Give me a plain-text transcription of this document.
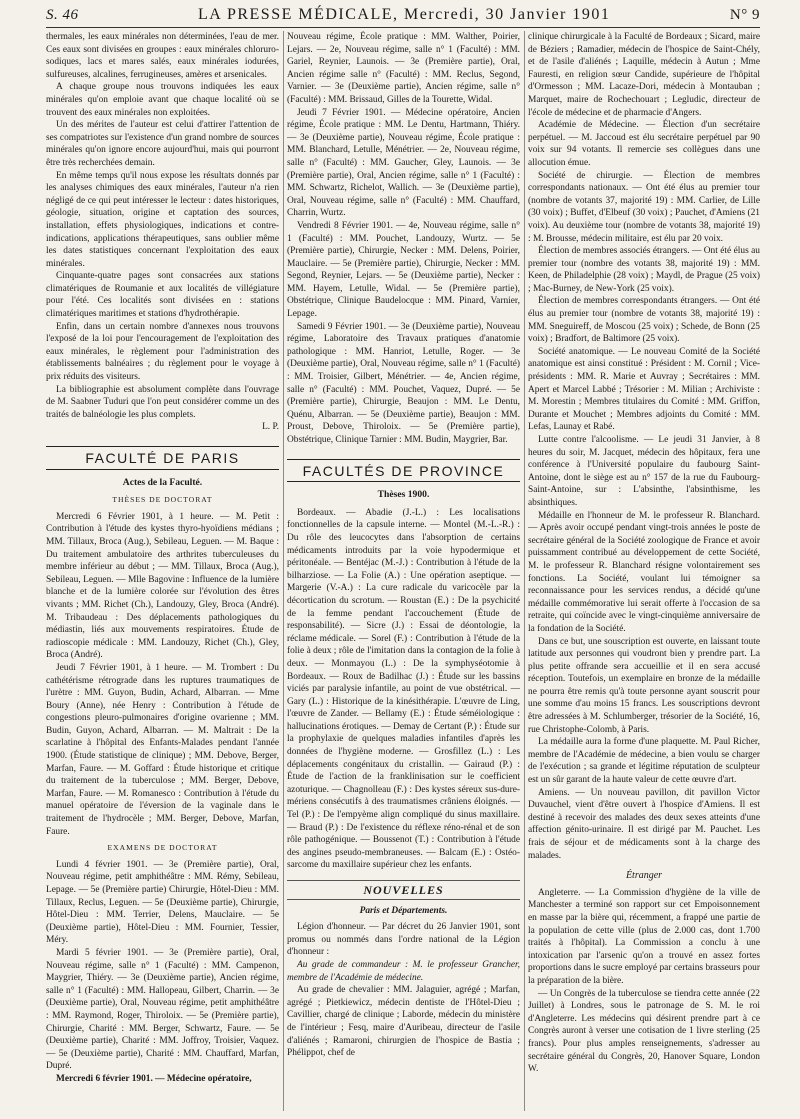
S. 46	LA PRESSE MÉDICALE, Mercredi, 30 Janvier 1901	N° 9

thermales, les eaux minérales non déterminées, l'eau de mer. Ces eaux sont divisées en groupes : eaux minérales chloruro-sodiques, lacs et mares salés, eaux minérales iodurées, sulfureuses, alcalines, ferrugineuses, amères et arsenicales.

A chaque groupe nous trouvons indiquées les eaux minérales qu'on emploie avant que chaque localité où se trouvent des eaux minérales non exploitées.

Un des mérites de l'auteur est celui d'attirer l'attention de ses compatriotes sur l'existence d'un grand nombre de sources minérales qu'on ignore encore aujourd'hui, mais qui pourront être très recherchées demain.

En même temps qu'il nous expose les résultats donnés par les analyses chimiques des eaux minérales, l'auteur n'a rien négligé de ce qui peut intéresser le lecteur : dates historiques, géologie, situation, origine et captation des sources, installation, effets physiologiques, indications et contre-indications, applications thérapeutiques, sans oublier même les dates statistiques concernant l'exploitation des eaux minérales.

Cinquante-quatre pages sont consacrées aux stations climatériques de Roumanie et aux localités de villégiature pour l'été. Ces localités sont divisées en : stations climatériques maritimes et stations d'hydrothérapie.

Enfin, dans un certain nombre d'annexes nous trouvons l'exposé de la loi pour l'encouragement de l'exploitation des eaux minérales, le règlement pour l'administration des établissements balnéaires ; du règlement pour le voyage à prix réduits des visiteurs.

La bibliographie est absolument complète dans l'ouvrage de M. Saabner Tuduri que l'on peut considérer comme un des traités de balnéologie les plus complets.

L. P.

FACULTÉ DE PARIS
Actes de la Faculté.
THÈSES DE DOCTORAT

Mercredi 6 Février 1901, à 1 heure. — M. Petit : Contribution à l'étude des kystes thyro-hyoïdiens médians ; MM. Tillaux, Broca (Aug.), Sebileau, Leguen. — M. Baque : Du traitement ambulatoire des arthrites tuberculeuses du membre inférieur au début ; — MM. Tillaux, Broca (Aug.), Sebileau, Leguen. — Mlle Bagovine : Influence de la lumière blanche et de la lumière colorée sur l'évolution des êtres vivants ; MM. Richet (Ch.), Landouzy, Gley, Broca (André). M. Tribaudeau : Des déplacements pathologiques du médiastin, liés aux mouvements respiratoires. Étude de radioscopie médicale : MM. Landouzy, Richet (Ch.), Gley, Broca (André).

Jeudi 7 Février 1901, à 1 heure. — M. Trombert : Du cathétérisme rétrograde dans les ruptures traumatiques de l'urètre : MM. Guyon, Budin, Achard, Albarran. — Mme Boury (Anne), née Henry : Contribution à l'étude de congestions pleuro-pulmonaires d'origine ovarienne ; MM. Budin, Guyon, Achard, Albarran. — M. Maltrait : De la scarlatine à l'hôpital des Enfants-Malades pendant l'année 1900. (Étude statistique de clinique) ; MM. Debove, Berger, Marfan, Faure. — M. Goffard : Étude historique et critique du traitement de la tuberculose ; MM. Berger, Debove, Marfan, Faure. — M. Romanesco : Contribution à l'étude du manuel opératoire de l'éversion de la vaginale dans le traitement de l'hydrocèle ; MM. Berger, Debove, Marfan, Faure.

EXAMENS DE DOCTORAT

Lundi 4 février 1901. — 3e (Première partie), Oral, Nouveau régime, petit amphithéâtre : MM. Rémy, Sebileau, Lepage. — 5e (Première partie) Chirurgie, Hôtel-Dieu : MM. Tillaux, Reclus, Leguen. — 5e (Deuxième partie), Chirurgie, Hôtel-Dieu : MM. Terrier, Delens, Mauclaire. — 5e (Deuxième partie), Hôtel-Dieu : MM. Fournier, Tessier, Méry.

Mardi 5 février 1901. — 3e (Première partie), Oral, Nouveau régime, salle n° 1 (Faculté) : MM. Campenon, Maygrier, Thiéry. — 3e (Deuxième partie), Ancien régime, salle n° 1 (Faculté) : MM. Hallopeau, Gilbert, Charrin. — 3e (Deuxième partie), Oral, Nouveau régime, petit amphithéâtre : MM. Raymond, Roger, Thiroloix. — 5e (Première partie), Chirurgie, Charité : MM. Berger, Schwartz, Faure. — 5e (Deuxième partie), Charité : MM. Joffroy, Troisier, Vaquez. — 5e (Deuxième partie), Charité : MM. Chauffard, Marfan, Dupré.

Mercredi 6 février 1901. — Médecine opératoire,

Nouveau régime, École pratique : MM. Walther, Poirier, Lejars. — 2e, Nouveau régime, salle n° 1 (Faculté) : MM. Gariel, Reynier, Launois. — 3e (Première partie), Oral, Ancien régime salle n° (Faculté) : MM. Reclus, Segond, Varnier. — 3e (Deuxième partie), Ancien régime, salle n° (Faculté) : MM. Brissaud, Gilles de la Tourette, Widal.

Jeudi 7 Février 1901. — Médecine opératoire, Ancien régime, École pratique : MM. Le Dentu, Hartmann, Thiéry. — 3e (Deuxième partie), Nouveau régime, École pratique : MM. Blanchard, Letulle, Ménétrier. — 2e, Nouveau régime, salle n° (Faculté) : MM. Gaucher, Gley, Launois. — 3e (Première partie), Oral, Ancien régime, salle n° 1 (Faculté) : MM. Schwartz, Richelot, Wallich. — 3e (Deuxième partie), Oral, Nouveau régime, salle n° (Faculté) : MM. Chauffard, Charrin, Wurtz.

Vendredi 8 Février 1901. — 4e, Nouveau régime, salle n° 1 (Faculté) : MM. Pouchet, Landouzy, Wurtz. — 5e (Première partie), Chirurgie, Necker : MM. Delens, Poirier, Mauclaire. — 5e (Première partie), Chirurgie, Necker : MM. Segond, Reynier, Lejars. — 5e (Deuxième partie), Necker : MM. Hayem, Letulle, Widal. — 5e (Première partie), Obstétrique, Clinique Baudelocque : MM. Pinard, Varnier, Lepage.

Samedi 9 Février 1901. — 3e (Deuxième partie), Nouveau régime, Laboratoire des Travaux pratiques d'anatomie pathologique : MM. Hanriot, Letulle, Roger. — 3e (Deuxième partie), Oral, Nouveau régime, salle n° 1 (Faculté) : MM. Troisier, Gilbert, Ménétrier. — 4e, Ancien régime, salle n° (Faculté) : MM. Pouchet, Vaquez, Dupré. — 5e (Première partie), Chirurgie, Beaujon : MM. Le Dentu, Quénu, Albarran. — 5e (Deuxième partie), Beaujon : MM. Proust, Debove, Thiroloix. — 5e (Première partie), Obstétrique, Clinique Tarnier : MM. Budin, Maygrier, Bar.

FACULTÉS DE PROVINCE
Thèses 1900.

Bordeaux. — Abadie (J.-L.) : Les localisations fonctionnelles de la capsule interne. — Montel (M.-L.-R.) : Du rôle des leucocytes dans l'absorption de certains médicaments introduits par la voie hypodermique et péritonéale. — Bentéjac (M.-J.) : Contribution à l'étude de la bilharziose. — La Folie (A.) : Une opération aseptique. — Margerie (V.-A.) : La cure radicale du varicocèle par la décortication du scrotum. — Roustan (E.) : De la psychicité de la femme pendant l'accouchement (Étude de responsabilité). — Sicre (J.) : Essai de déontologie, la réclame médicale. — Sorel (F.) : Contribution à l'étude de la folie à deux ; rôle de l'imitation dans la contagion de la folie à deux. — Monmayou (L.) : De la symphyséotomie à Bordeaux. — Roux de Badilhac (J.) : Étude sur les bassins viciés par paralysie infantile, au point de vue obstétrical. — Gary (L.) : Historique de la kinésithérapie. L'œuvre de Ling, l'œuvre de Zander. — Bellamy (E.) : Étude séméiologique : hallucinations érotiques. — Demay de Certant (P.) : Étude sur la prophylaxie de quelques maladies infantiles d'après les données de l'hygiène moderne. — Grosfillez (L.) : Les déplacements congénitaux du cristallin. — Gairaud (P.) : Étude de l'action de la franklinisation sur le coefficient azoturique. — Chagnolleau (F.) : Des kystes séreux sus-dure-mériens consécutifs à des traumatismes crâniens éloignés. — Tel (P.) : De l'empyème align compliqué du sinus maxillaire. — Braud (P.) : De l'existence du réflexe réno-rénal et de son rôle pathogénique. — Boussenot (T.) : Contribution à l'étude des angines pseudo-membraneuses. — Balcam (E.) : Ostéo-sarcome du maxillaire supérieur chez les enfants.

NOUVELLES
Paris et Départements.

Légion d'honneur. — Par décret du 26 Janvier 1901, sont promus ou nommés dans l'ordre national de la Légion d'honneur :

Au grade de commandeur : M. le professeur Grancher, membre de l'Académie de médecine.

Au grade de chevalier : MM. Jalaguier, agrégé ; Marfan, agrégé ; Pietkiewicz, médecin dentiste de l'Hôtel-Dieu ; Cavillier, chargé de clinique ; Laborde, médecin du ministère de l'intérieur ; Fesq, maire d'Auribeau, directeur de l'asile d'aliénés ; Ramaroni, chirurgien de l'hospice de Bastia ; Phélippot, chef de

clinique chirurgicale à la Faculté de Bordeaux ; Sicard, maire de Béziers ; Ramadier, médecin de l'hospice de Saint-Chély, et de l'asile d'aliénés ; Laquille, médecin à Autun ; Mme Fauresti, en religion sœur Candide, supérieure de l'hôpital d'Ormesson ; MM. Lacaze-Dori, médecin à Montauban ; Marquet, maire de Rochechouart ; Legludic, directeur de l'école de médecine et de pharmacie d'Angers.

Académie de Médecine. — Élection d'un secrétaire perpétuel. — M. Jaccoud est élu secrétaire perpétuel par 90 voix sur 94 votants. Il remercie ses collègues dans une allocution émue.

Société de chirurgie. — Élection de membres correspondants nationaux. — Ont été élus au premier tour (nombre de votants 37, majorité 19) : MM. Carlier, de Lille (30 voix) ; Buffet, d'Elbeuf (30 voix) ; Pauchet, d'Amiens (21 voix). Au deuxième tour (nombre de votants 38, majorité 19) : M. Brousse, médecin militaire, est élu par 20 voix.

Élection de membres associés étrangers. — Ont été élus au premier tour (nombre des votants 38, majorité 19) : MM. Keen, de Philadelphie (28 voix) ; Maydl, de Prague (25 voix) ; Mac-Burney, de New-York (25 voix).

Élection de membres correspondants étrangers. — Ont été élus au premier tour (nombre de votants 38, majorité 19) : MM. Sneguireff, de Moscou (25 voix) ; Schede, de Bonn (25 voix) ; Bradfort, de Baltimore (25 voix).

Société anatomique. — Le nouveau Comité de la Société anatomique est ainsi constitué : Président : M. Cornil ; Vice-présidents : MM. R. Marie et Auvray ; Secrétaires : MM. Apert et Marcel Labbé ; Trésorier : M. Milian ; Archiviste : M. Morestin ; Membres titulaires du Comité : MM. Griffon, Durante et Mouchet ; Membres adjoints du Comité : MM. Lefas, Launay et Rabé.

Lutte contre l'alcoolisme. — Le jeudi 31 Janvier, à 8 heures du soir, M. Jacquet, médecin des hôpitaux, fera une conférence à l'Université populaire du faubourg Saint-Antoine, dont le siège est au n° 157 de la rue du Faubourg-Saint-Antoine, sur : L'absinthe, l'absinthisme, les absinthiques.

Médaille en l'honneur de M. le professeur R. Blanchard. — Après avoir occupé pendant vingt-trois années le poste de secrétaire général de la Société zoologique de France et avoir puissamment contribué au développement de cette Société, M. le professeur R. Blanchard résigne volontairement ses fonctions. La Société, voulant lui témoigner sa reconnaissance pour les services rendus, a décidé qu'une médaille commémorative lui serait offerte à l'occasion de sa retraite, qui coïncide avec le vingt-cinquième anniversaire de la fondation de la Société.

Dans ce but, une souscription est ouverte, en laissant toute latitude aux personnes qui voudront bien y prendre part. La plus petite offrande sera accueillie et il en sera accusé réception. Toutefois, un exemplaire en bronze de la médaille ne pourra être remis qu'à toute personne ayant souscrit pour une somme d'au moins 15 francs. Les souscriptions devront être adressées à M. Schlumberger, trésorier de la Société, 16, rue Christophe-Colomb, à Paris.

La médaille aura la forme d'une plaquette. M. Paul Richer, membre de l'Académie de médecine, a bien voulu se charger de l'exécution ; sa grande et légitime réputation de sculpteur est un sûr garant de la haute valeur de cette œuvre d'art.

Amiens. — Un nouveau pavillon, dit pavillon Victor Duvauchel, vient d'être ouvert à l'hospice d'Amiens. Il est destiné à recevoir des malades des deux sexes atteints d'une affection génito-urinaire. Il est dirigé par M. Pauchet. Les frais de séjour et de médicaments sont à la charge des malades.

Étranger

Angleterre. — La Commission d'hygiène de la ville de Manchester a terminé son rapport sur cet Empoisonnement en masse par la bière qui, récemment, a frappé une partie de la population de cette ville (plus de 2.000 cas, dont 1.700 traités à l'hôpital). La Commission a conclu à une intoxication par l'arsenic qu'on a trouvé en assez fortes proportions dans le sucre employé par certains brasseurs pour la préparation de la bière.

— Un Congrès de la tuberculose se tiendra cette année (22 Juillet) à Londres, sous le patronage de S. M. le roi d'Angleterre. Les médecins qui désirent prendre part à ce Congrès auront à verser une cotisation de 1 livre sterling (25 francs). Pour plus amples renseignements, s'adresser au secrétaire général du Congrès, 20, Hanover Square, London W.
